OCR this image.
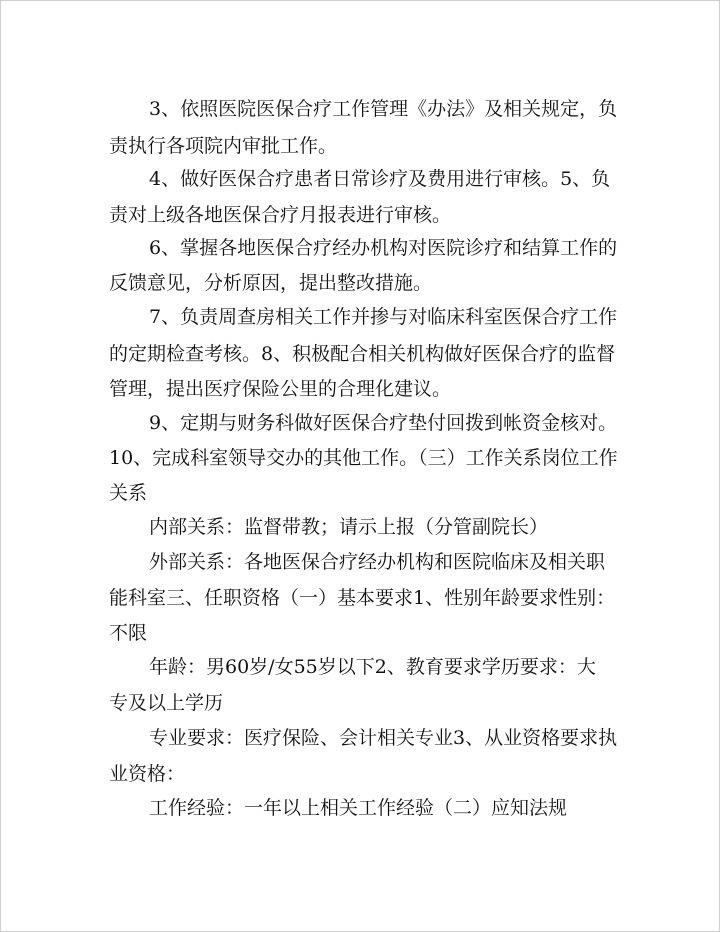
3、依照医院医保合疗工作管理《办法》及相关规定，负
责执行各项院内审批工作。
4、做好医保合疗患者日常诊疗及费用进行审核。5、负
责对上级各地医保合疗月报表进行审核。
6、掌握各地医保合疗经办机构对医院诊疗和结算工作的
反馈意见，分析原因，提出整改措施。
7、负责周查房相关工作并掺与对临床科室医保合疗工作
的定期检查考核。8、积极配合相关机构做好医保合疗的监督
管理，提出医疗保险公里的合理化建议。
9、定期与财务科做好医保合疗垫付回拨到帐资金核对。
10、完成科室领导交办的其他工作。（三）工作关系岗位工作
关系
内部关系：监督带教；请示上报（分管副院长）
外部关系：各地医保合疗经办机构和医院临床及相关职
能科室三、任职资格（一）基本要求1、性别年龄要求性别：
不限
年龄：男60岁/女55岁以下2、教育要求学历要求：大
专及以上学历
专业要求：医疗保险、会计相关专业3、从业资格要求执
业资格：
工作经验：一年以上相关工作经验（二）应知法规
